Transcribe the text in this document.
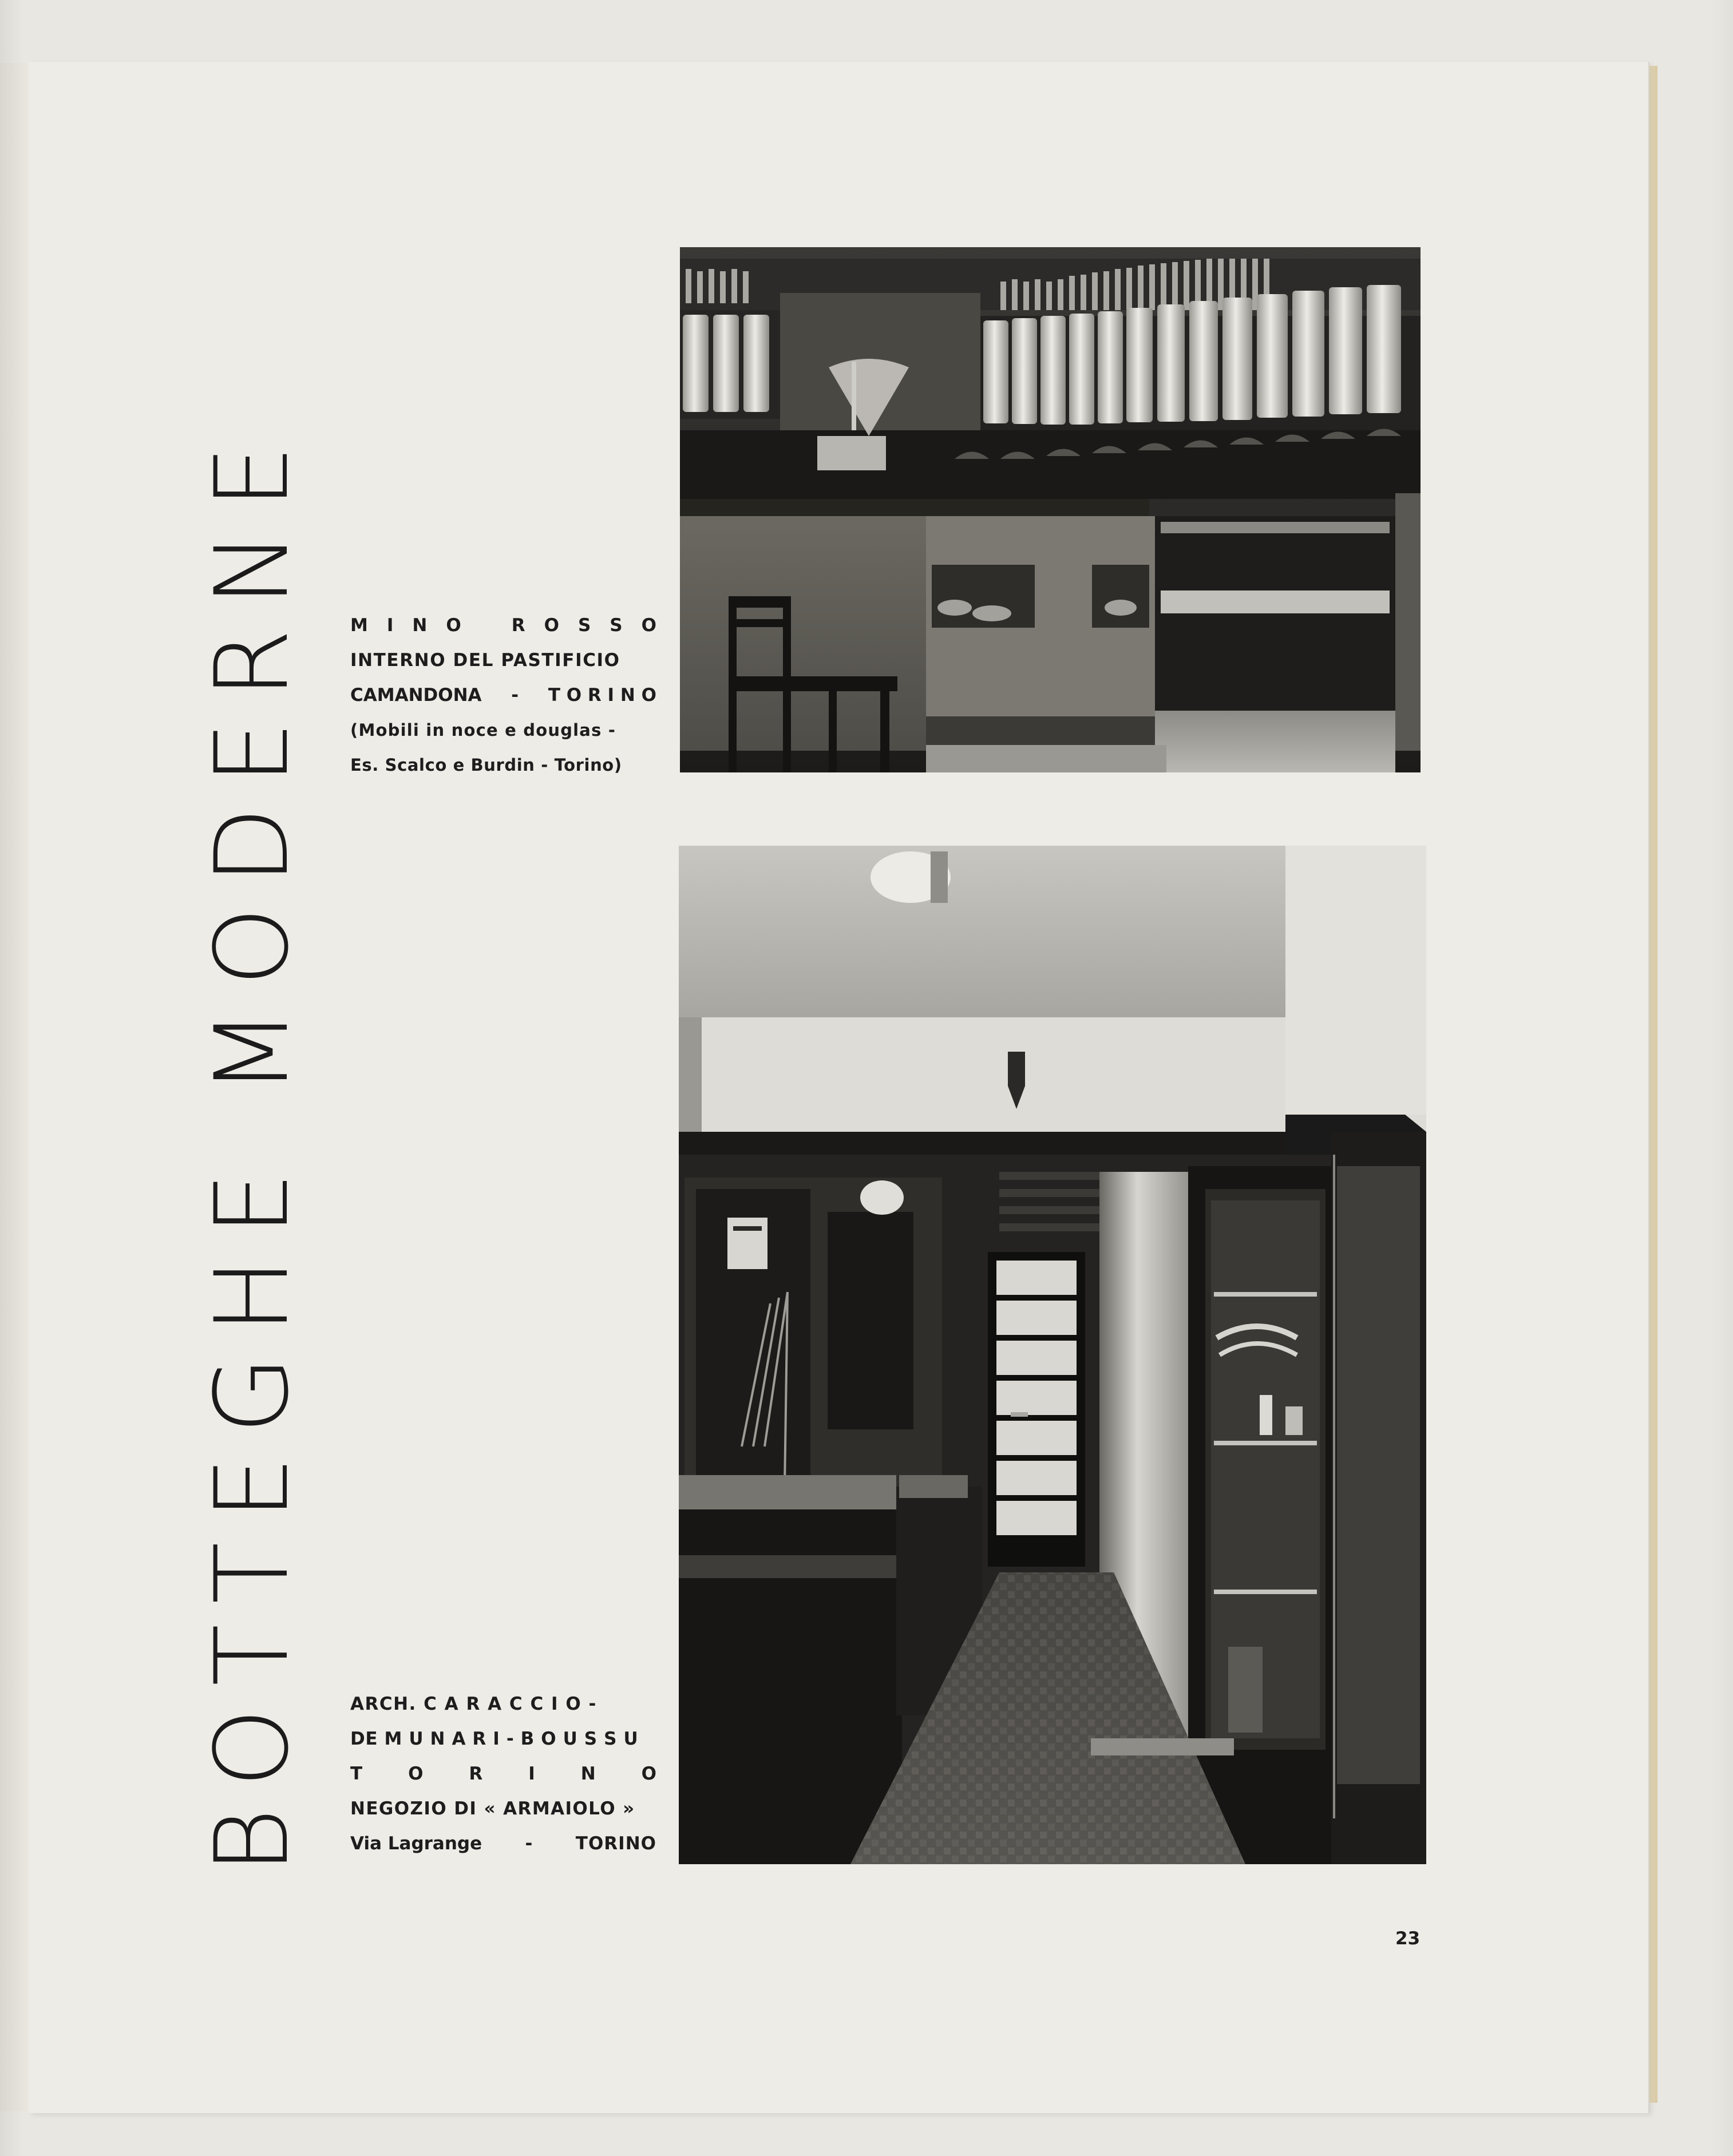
BOTTEGHE MODERNE M I N O	R O S S O
INTERNO DEL PASTIFICIO
CAMANDONA - T O R I N O
(Mobili in noce e douglas -
Es. Scalco e Burdin - Torino)
ARCH. C A R A C C I O -
DE M U N A R I - B O U S S U
T	O	R	I	N	O
NEGOZIO DI « ARMAIOLO »
Via Lagrange - TORINO
23
